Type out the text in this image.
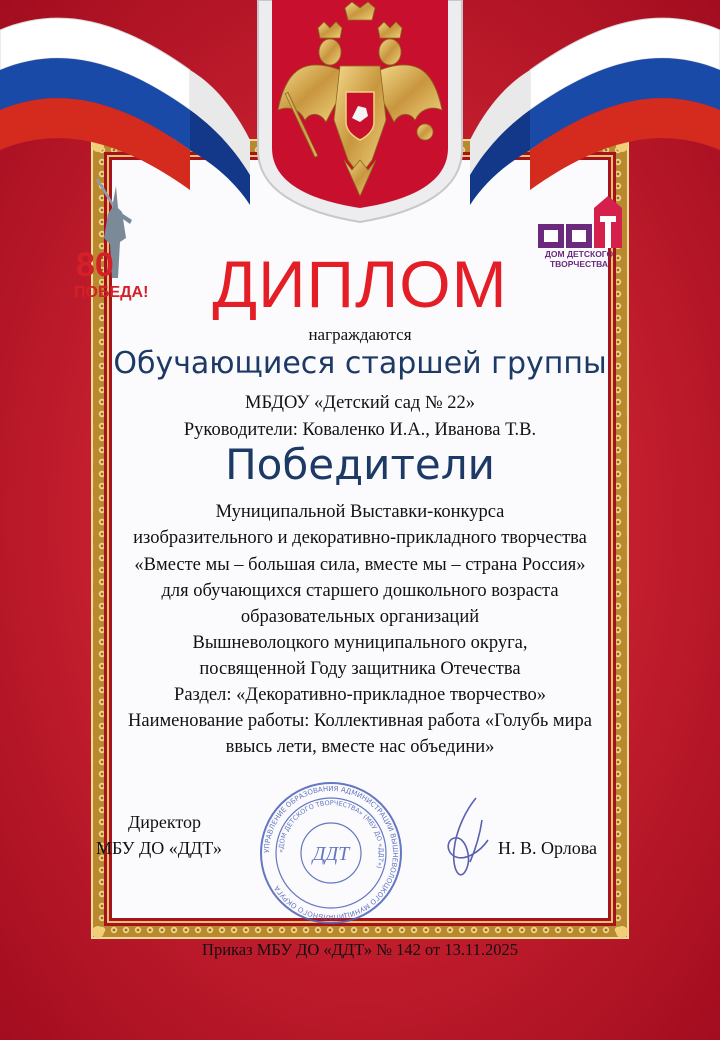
80
ПОБЕДА!
ДОМ ДЕТСКОГО
ТВОРЧЕСТВА
ДИПЛОМ
награждаются
Обучающиеся старшей группы
МБДОУ «Детский сад № 22»
Руководители: Коваленко И.А., Иванова Т.В.
Победители
Муниципальной Выставки-конкурса
изобразительного и декоративно-прикладного творчества
«Вместе мы – большая сила, вместе мы – страна Россия»
для обучающихся старшего дошкольного возраста
образовательных организаций
Вышневолоцкого муниципального округа,
посвященной Году защитника Отечества
Раздел: «Декоративно-прикладное творчество»
Наименование работы: Коллективная работа «Голубь мира
ввысь лети, вместе нас объедини»
Директор
МБУ ДО «ДДТ»	Н. В. Орлова
УПРАВЛЕНИЕ ОБРАЗОВАНИЯ АДМИНИСТРАЦИИ ВЫШНЕВОЛОЦКОГО МУНИЦИПАЛЬНОГО ОКРУГА
«ДОМ ДЕТСКОГО ТВОРЧЕСТВА» (МБУ ДО «ДДТ»)
ДДТ
Приказ МБУ ДО «ДДТ» № 142 от 13.11.2025
